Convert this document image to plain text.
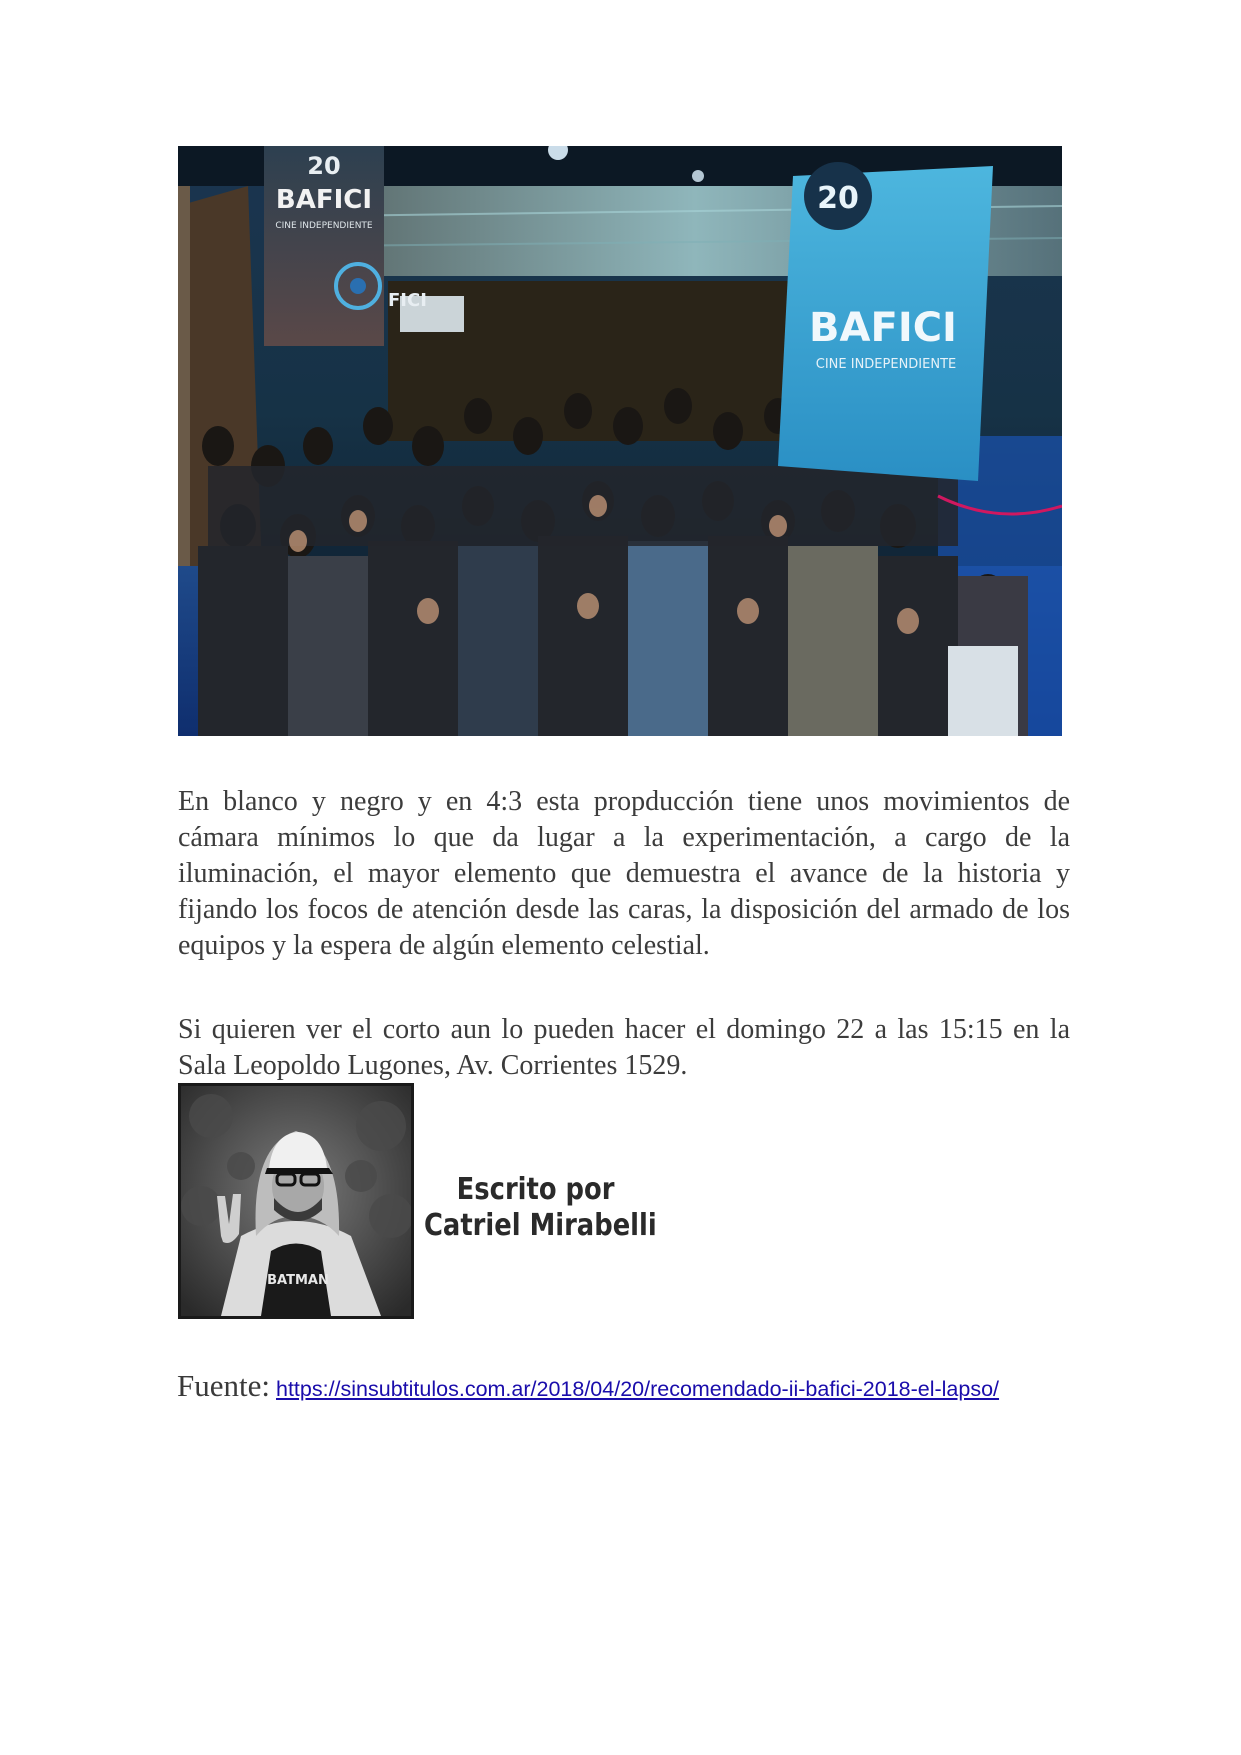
20
BAFICI
CINE INDEPENDIENTE
FICI
20
BAFICI
CINE INDEPENDIENTE

En blanco y negro y en 4:3 esta propducción tiene unos movimientos de cámara mínimos lo que da lugar a la experimentación, a cargo de la iluminación, el mayor elemento que demuestra el avance de la historia y fijando los focos de atención desde las caras, la disposición del armado de los equipos y la espera de algún elemento celestial.

Si quieren ver el corto aun lo pueden hacer el domingo 22 a las 15:15 en la Sala Leopoldo Lugones, Av. Corrientes 1529.

BATMAN
Escrito por
Catriel Mirabelli
Fuente: https://sinsubtitulos.com.ar/2018/04/20/recomendado-ii-bafici-2018-el-lapso/
